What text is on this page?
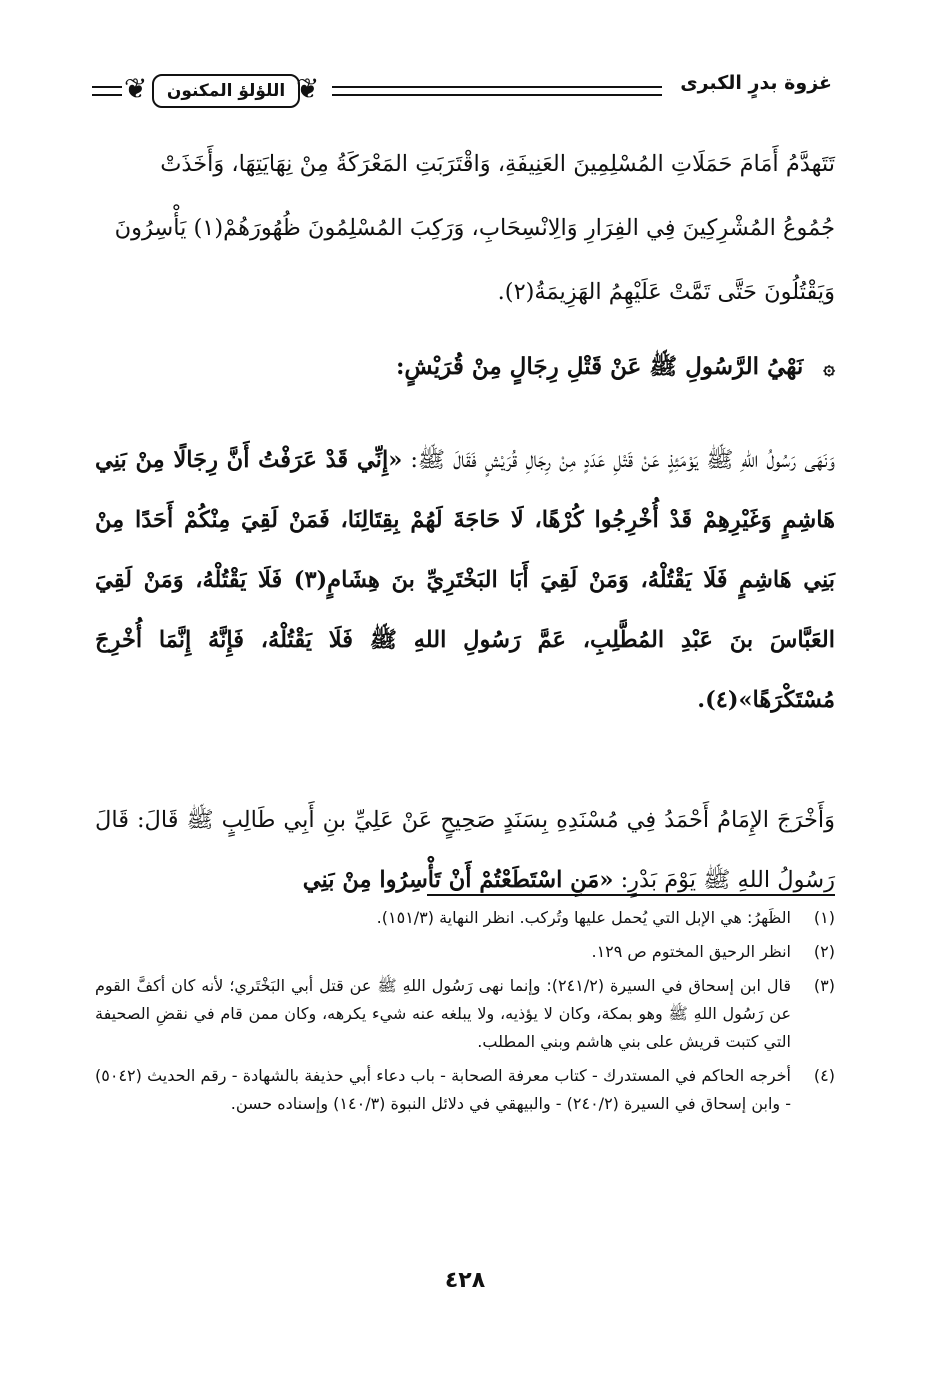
غزوة بدرٍ الكبرى
❦ اللؤلؤ المكنون ❦
تَتَهدَّمُ أَمَامَ حَمَلَاتِ المُسْلِمِينَ العَنِيفَةِ، وَاقْتَرَبَتِ المَعْرَكَةُ مِنْ نِهَايَتِهَا، وَأَخَذَتْ
جُمُوعُ المُشْرِكِينَ فِي الفِرَارِ وَالِانْسِحَابِ، وَرَكِبَ المُسْلِمُونَ ظُهُورَهُمْ(١) يَأْسِرُونَ
وَيَقْتُلُونَ حَتَّى تَمَّتْ عَلَيْهِمُ الهَزِيمَةُ(٢).
۞ نَهْيُ الرَّسُولِ ﷺ عَنْ قَتْلِ رِجَالٍ مِنْ قُرَيْشٍ:
وَنَهَى رَسُولُ اللهِ ﷺ يَوْمَئِذٍ عَنْ قَتْلِ عَدَدٍ مِنْ رِجَالِ قُرَيْشٍ فَقَالَ ﷺ: «إِنِّي قَدْ عَرَفْتُ أَنَّ رِجَالًا مِنْ بَنِي هَاشِمٍ وَغَيْرِهِمْ قَدْ أُخْرِجُوا كُرْهًا، لَا حَاجَةَ لَهُمْ بِقِتَالِنَا، فَمَنْ لَقِيَ مِنْكُمْ أَحَدًا مِنْ بَنِي هَاشِمٍ فَلَا يَقْتُلْهُ، وَمَنْ لَقِيَ أَبَا البَخْتَرِيِّ بنَ هِشَامٍ(٣) فَلَا يَقْتُلْهُ، وَمَنْ لَقِيَ العَبَّاسَ بنَ عَبْدِ المُطَّلِبِ، عَمَّ رَسُولِ اللهِ ﷺ فَلَا يَقْتُلْهُ، فَإِنَّهُ إِنَّمَا أُخْرِجَ مُسْتَكْرَهًا»(٤).
وَأَخْرَجَ الإِمَامُ أَحْمَدُ فِي مُسْنَدِهِ بِسَنَدٍ صَحِيحٍ عَنْ عَلِيِّ بنِ أَبِي طَالِبٍ ﷺ قَالَ: قَالَ رَسُولُ اللهِ ﷺ يَوْمَ بَدْرٍ: «مَنِ اسْتَطَعْتُمْ أَنْ تَأْسِرُوا مِنْ بَنِي
(١)
الظَهرُ: هي الإبل التي يُحمل عليها وتُركب. انظر النهاية (١٥١/٣).
(٢)
انظر الرحيق المختوم ص ١٢٩.
(٣)
قال ابن إسحاق في السيرة (٢٤١/٢): وإنما نهى رَسُول اللهِ ﷺ عن قتل أبي البَخْتَري؛ لأنه كان أكفَّ القوم عن رَسُول اللهِ ﷺ وهو بمكة، وكان لا يؤذيه، ولا يبلغه عنه شيء يكرهه، وكان ممن قام في نقضِ الصحيفة التي كتبت قريش على بني هاشم وبني المطلب.
(٤)
أخرجه الحاكم في المستدرك - كتاب معرفة الصحابة - باب دعاء أبي حذيفة بالشهادة - رقم الحديث (٥٠٤٢) - وابن إسحاق في السيرة (٢٤٠/٢) - والبيهقي في دلائل النبوة (١٤٠/٣) وإسناده حسن.
٤٢٨
